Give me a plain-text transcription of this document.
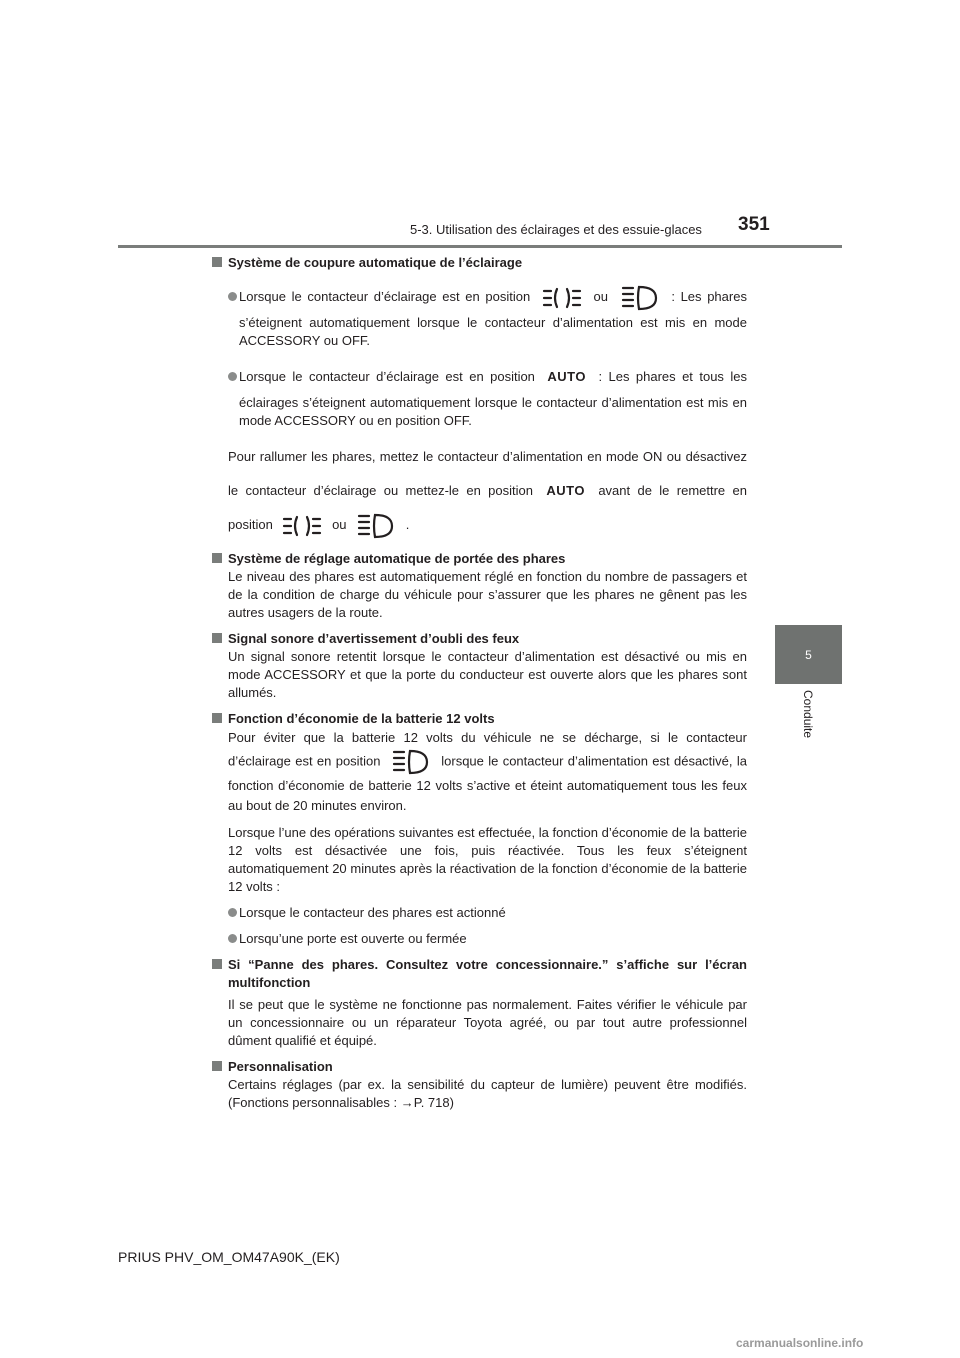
5-3. Utilisation des éclairages et des essuie-glaces 351
5
Conduite

Système de coupure automatique de l’éclairage

Lorsque le contacteur d’éclairage est en position	ou	: Les phares s’éteignent automatiquement lorsque le contacteur d’alimentation est mis en mode ACCESSORY ou OFF.

Lorsque le contacteur d’éclairage est en position AUTO : Les phares et tous les éclairages s’éteignent automatiquement lorsque le contacteur d’alimentation est mis en mode ACCESSORY ou en position OFF.

Pour rallumer les phares, mettez le contacteur d’alimentation en mode ON ou désactivez le contacteur d’éclairage ou mettez-le en position AUTO avant de le remettre en position	ou	.

Système de réglage automatique de portée des phares

Le niveau des phares est automatiquement réglé en fonction du nombre de passagers et de la condition de charge du véhicule pour s’assurer que les phares ne gênent pas les autres usagers de la route.

Signal sonore d’avertissement d’oubli des feux

Un signal sonore retentit lorsque le contacteur d’alimentation est désactivé ou mis en mode ACCESSORY et que la porte du conducteur est ouverte alors que les phares sont allumés.

Fonction d’économie de la batterie 12 volts

Pour éviter que la batterie 12 volts du véhicule ne se décharge, si le contacteur d’éclairage est en position	lorsque le contacteur d’alimentation est désactivé, la fonction d’économie de batterie 12 volts s’active et éteint automatiquement tous les feux au bout de 20 minutes environ.

Lorsque l’une des opérations suivantes est effectuée, la fonction d’économie de la batterie 12 volts est désactivée une fois, puis réactivée. Tous les feux s’éteignent automatiquement 20 minutes après la réactivation de la fonction d’économie de la batterie 12 volts :

Lorsque le contacteur des phares est actionné

Lorsqu’une porte est ouverte ou fermée

Si “Panne des phares. Consultez votre concessionnaire.” s’affiche sur l’écran multifonction

Il se peut que le système ne fonctionne pas normalement. Faites vérifier le véhicule par un concessionnaire ou un réparateur Toyota agréé, ou par tout autre professionnel dûment qualifié et équipé.

Personnalisation

Certains réglages (par ex. la sensibilité du capteur de lumière) peuvent être modifiés. (Fonctions personnalisables : →P. 718)

PRIUS PHV_OM_OM47A90K_(EK)
carmanualsonline.info
